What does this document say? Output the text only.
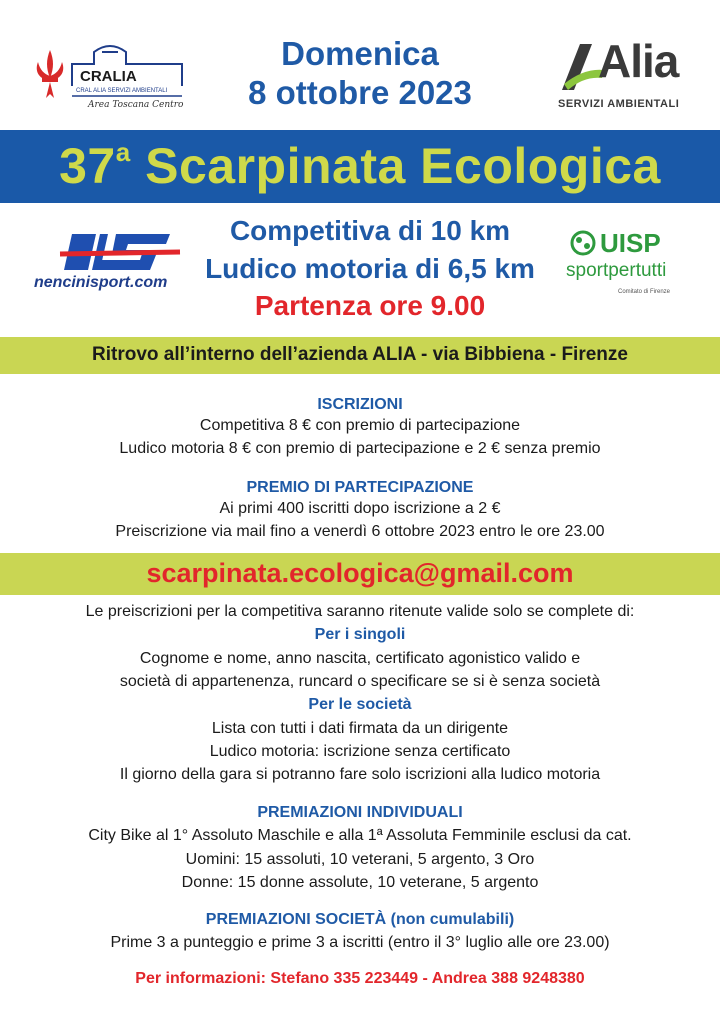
CRALIA
CRAL ALIA SERVIZI AMBIENTALI
Area Toscana Centro
Domenica
8 ottobre 2023
Alia
SERVIZI AMBIENTALI
37$^a$ Scarpinata Ecologica
nencinisport.com
Competitiva di 10 km
Ludico motoria di 6,5 km
Partenza ore 9.00
UISP
sportpertutti
Comitato di Firenze
Ritrovo all’interno dell’azienda ALIA - via Bibbiena - Firenze
ISCRIZIONI
Competitiva 8 € con premio di partecipazione
Ludico motoria 8 € con premio di partecipazione e 2 € senza premio
PREMIO DI PARTECIPAZIONE
Ai primi 400 iscritti dopo iscrizione a 2 €
Preiscrizione via mail fino a venerdì 6 ottobre 2023 entro le ore 23.00
scarpinata.ecologica@gmail.com
Le preiscrizioni per la competitiva saranno ritenute valide solo se complete di:
Per i singoli
Cognome e nome, anno nascita, certificato agonistico valido e
società di appartenenza, runcard o specificare se si è senza società
Per le società
Lista con tutti i dati firmata da un dirigente
Ludico motoria: iscrizione senza certificato
Il giorno della gara si potranno fare solo iscrizioni alla ludico motoria
PREMIAZIONI INDIVIDUALI
City Bike al 1° Assoluto Maschile e alla 1ª Assoluta Femminile esclusi da cat.
Uomini: 15 assoluti, 10 veterani, 5 argento, 3 Oro
Donne: 15 donne assolute, 10 veterane, 5 argento
PREMIAZIONI SOCIETÀ (non cumulabili)
Prime 3 a punteggio e prime 3 a iscritti (entro il 3° luglio alle ore 23.00)
Per informazioni: Stefano 335 223449 - Andrea 388 9248380
